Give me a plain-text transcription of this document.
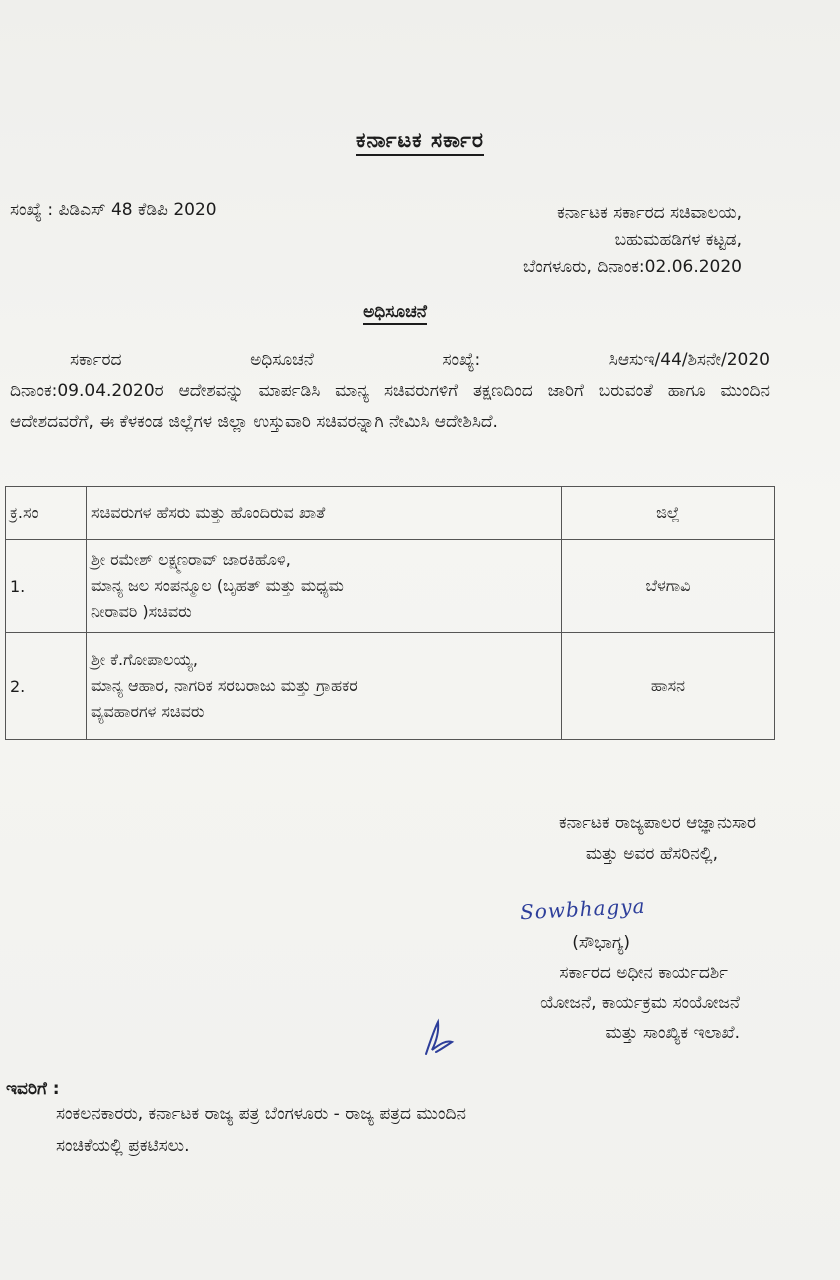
ಕರ್ನಾಟಕ ಸರ್ಕಾರ
ಸಂಖ್ಯೆ : ಪಿಡಿಎಸ್ 48 ಕೆಡಿಪಿ 2020	ಕರ್ನಾಟಕ ಸರ್ಕಾರದ ಸಚಿವಾಲಯ,
ಬಹುಮಹಡಿಗಳ ಕಟ್ಟಡ,
ಬೆಂಗಳೂರು, ದಿನಾಂಕ:02.06.2020
ಅಧಿಸೂಚನೆ
ಸರ್ಕಾರದ	ಅಧಿಸೂಚನೆ	ಸಂಖ್ಯೆ:	ಸಿಆಸುಇ/44/ಶಿಸನೇ/2020
ದಿನಾಂಕ:09.04.2020ರ ಆದೇಶವನ್ನು ಮಾರ್ಪಡಿಸಿ ಮಾನ್ಯ ಸಚಿವರುಗಳಿಗೆ ತಕ್ಷಣದಿಂದ ಜಾರಿಗೆ ಬರುವಂತೆ ಹಾಗೂ ಮುಂದಿನ ಆದೇಶದವರೆಗೆ, ಈ ಕೆಳಕಂಡ ಜಿಲ್ಲೆಗಳ ಜಿಲ್ಲಾ ಉಸ್ತುವಾರಿ ಸಚಿವರನ್ನಾಗಿ ನೇಮಿಸಿ ಆದೇಶಿಸಿದೆ.
ಕ್ರ.ಸಂ	ಸಚಿವರುಗಳ ಹೆಸರು ಮತ್ತು ಹೊಂದಿರುವ ಖಾತೆ	ಜಿಲ್ಲೆ
1.	ಶ್ರೀ ರಮೇಶ್ ಲಕ್ಷ್ಮಣರಾವ್ ಜಾರಕಿಹೊಳಿ,
ಮಾನ್ಯ ಜಲ ಸಂಪನ್ಮೂಲ (ಬೃಹತ್ ಮತ್ತು ಮಧ್ಯಮ
ನೀರಾವರಿ )ಸಚಿವರು	ಬೆಳಗಾವಿ
2.	ಶ್ರೀ ಕೆ.ಗೋಪಾಲಯ್ಯ,
ಮಾನ್ಯ ಆಹಾರ, ನಾಗರಿಕ ಸರಬರಾಜು ಮತ್ತು ಗ್ರಾಹಕರ
ವ್ಯವಹಾರಗಳ ಸಚಿವರು	ಹಾಸನ
ಕರ್ನಾಟಕ ರಾಜ್ಯಪಾಲರ ಆಜ್ಞಾನುಸಾರ
ಮತ್ತು ಅವರ ಹೆಸರಿನಲ್ಲಿ,
Sowbhagya
(ಸೌಭಾಗ್ಯ)
ಸರ್ಕಾರದ ಅಧೀನ ಕಾರ್ಯದರ್ಶಿ
ಯೋಜನೆ, ಕಾರ್ಯಕ್ರಮ ಸಂಯೋಜನೆ
ಮತ್ತು ಸಾಂಖ್ಯಿಕ ಇಲಾಖೆ.
ಇವರಿಗೆ :
ಸಂಕಲನಕಾರರು, ಕರ್ನಾಟಕ ರಾಜ್ಯ ಪತ್ರ ಬೆಂಗಳೂರು - ರಾಜ್ಯ ಪತ್ರದ ಮುಂದಿನ
ಸಂಚಿಕೆಯಲ್ಲಿ ಪ್ರಕಟಿಸಲು.
